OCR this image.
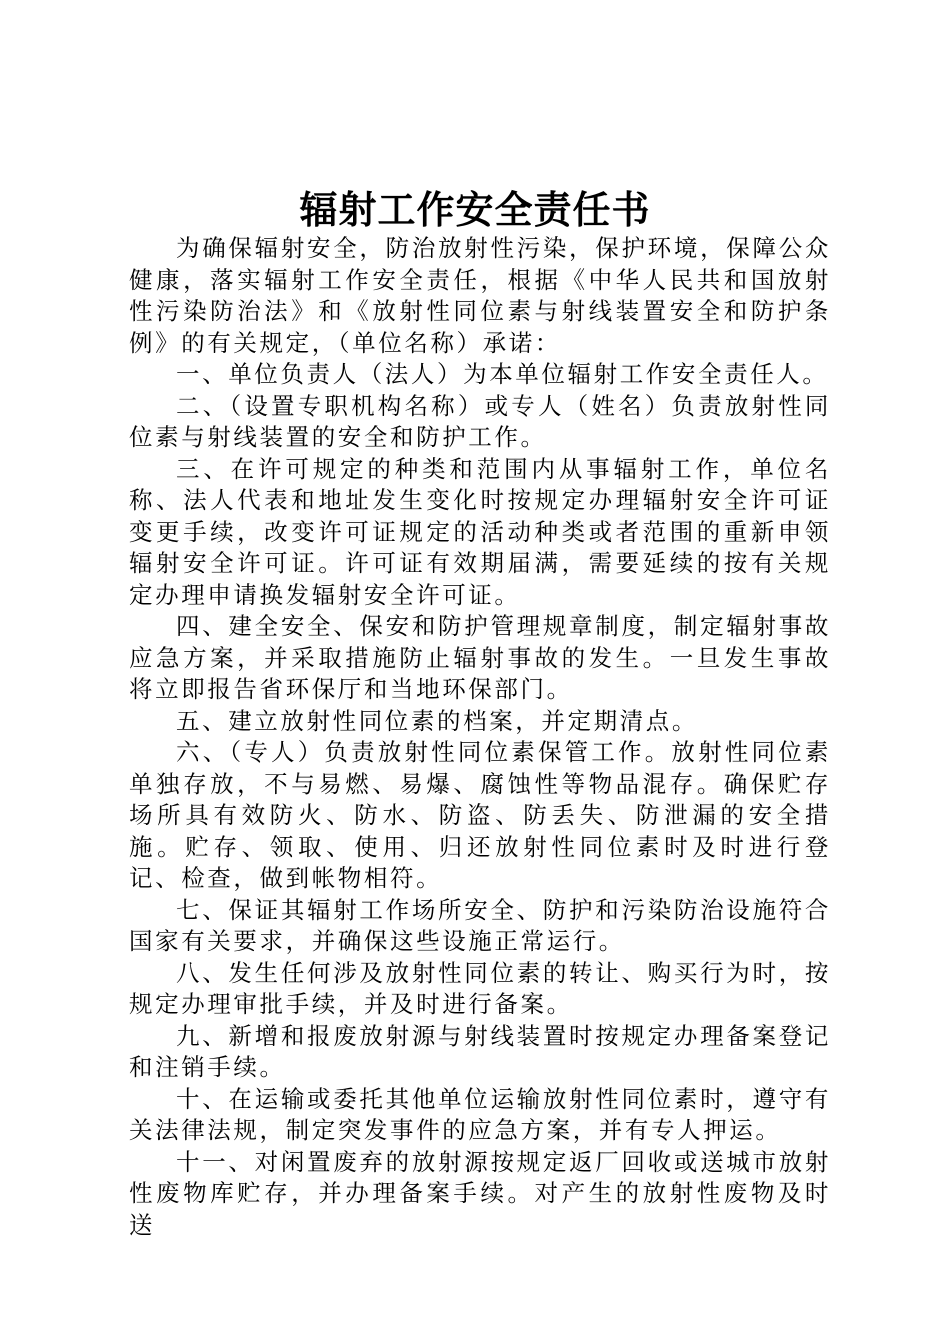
辐射工作安全责任书

为确保辐射安全，防治放射性污染，保护环境，保障公众健康，落实辐射工作安全责任，根据《中华人民共和国放射性污染防治法》和《放射性同位素与射线装置安全和防护条例》的有关规定，（单位名称）承诺：

一、单位负责人（法人）为本单位辐射工作安全责任人。

二、（设置专职机构名称）或专人（姓名）负责放射性同位素与射线装置的安全和防护工作。

三、在许可规定的种类和范围内从事辐射工作，单位名称、法人代表和地址发生变化时按规定办理辐射安全许可证变更手续，改变许可证规定的活动种类或者范围的重新申领辐射安全许可证。许可证有效期届满，需要延续的按有关规定办理申请换发辐射安全许可证。

四、建全安全、保安和防护管理规章制度，制定辐射事故应急方案，并采取措施防止辐射事故的发生。一旦发生事故将立即报告省环保厅和当地环保部门。

五、建立放射性同位素的档案，并定期清点。

六、（专人）负责放射性同位素保管工作。放射性同位素单独存放，不与易燃、易爆、腐蚀性等物品混存。确保贮存场所具有效防火、防水、防盗、防丢失、防泄漏的安全措施。贮存、领取、使用、归还放射性同位素时及时进行登记、检查，做到帐物相符。

七、保证其辐射工作场所安全、防护和污染防治设施符合国家有关要求，并确保这些设施正常运行。

八、发生任何涉及放射性同位素的转让、购买行为时，按规定办理审批手续，并及时进行备案。

九、新增和报废放射源与射线装置时按规定办理备案登记和注销手续。

十、在运输或委托其他单位运输放射性同位素时，遵守有关法律法规，制定突发事件的应急方案，并有专人押运。

十一、对闲置废弃的放射源按规定返厂回收或送城市放射性废物库贮存，并办理备案手续。对产生的放射性废物及时送
